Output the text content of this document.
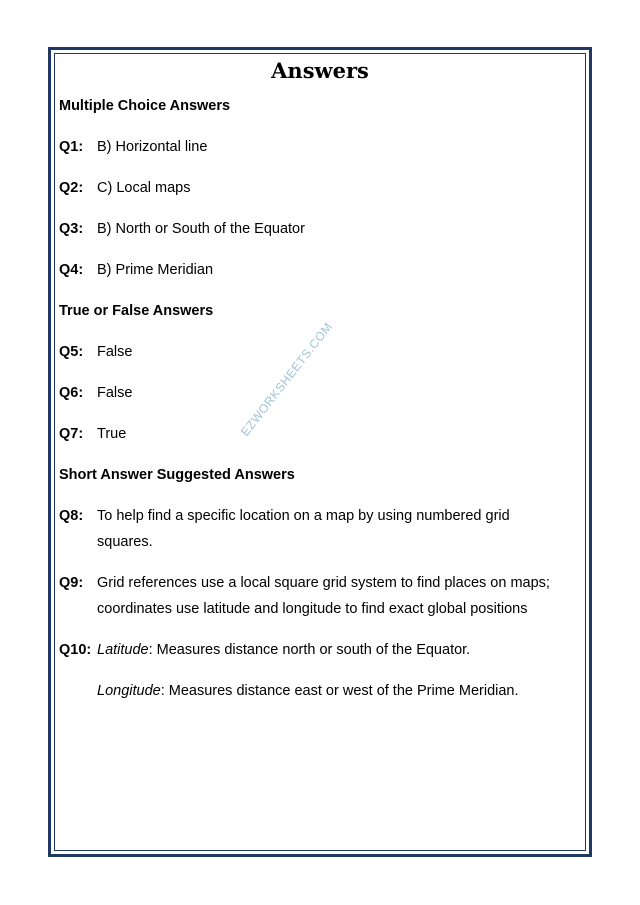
Answers
Multiple Choice Answers
Q1: B) Horizontal line
Q2: C) Local maps
Q3: B) North or South of the Equator
Q4: B) Prime Meridian
True or False Answers
Q5: False
Q6: False
Q7: True
Short Answer Suggested Answers
Q8: To help find a specific location on a map by using numbered grid squares.
Q9: Grid references use a local square grid system to find places on maps; coordinates use latitude and longitude to find exact global positions
Q10: Latitude: Measures distance north or south of the Equator.
Longitude: Measures distance east or west of the Prime Meridian.
EZWORKSHEETS.COM
